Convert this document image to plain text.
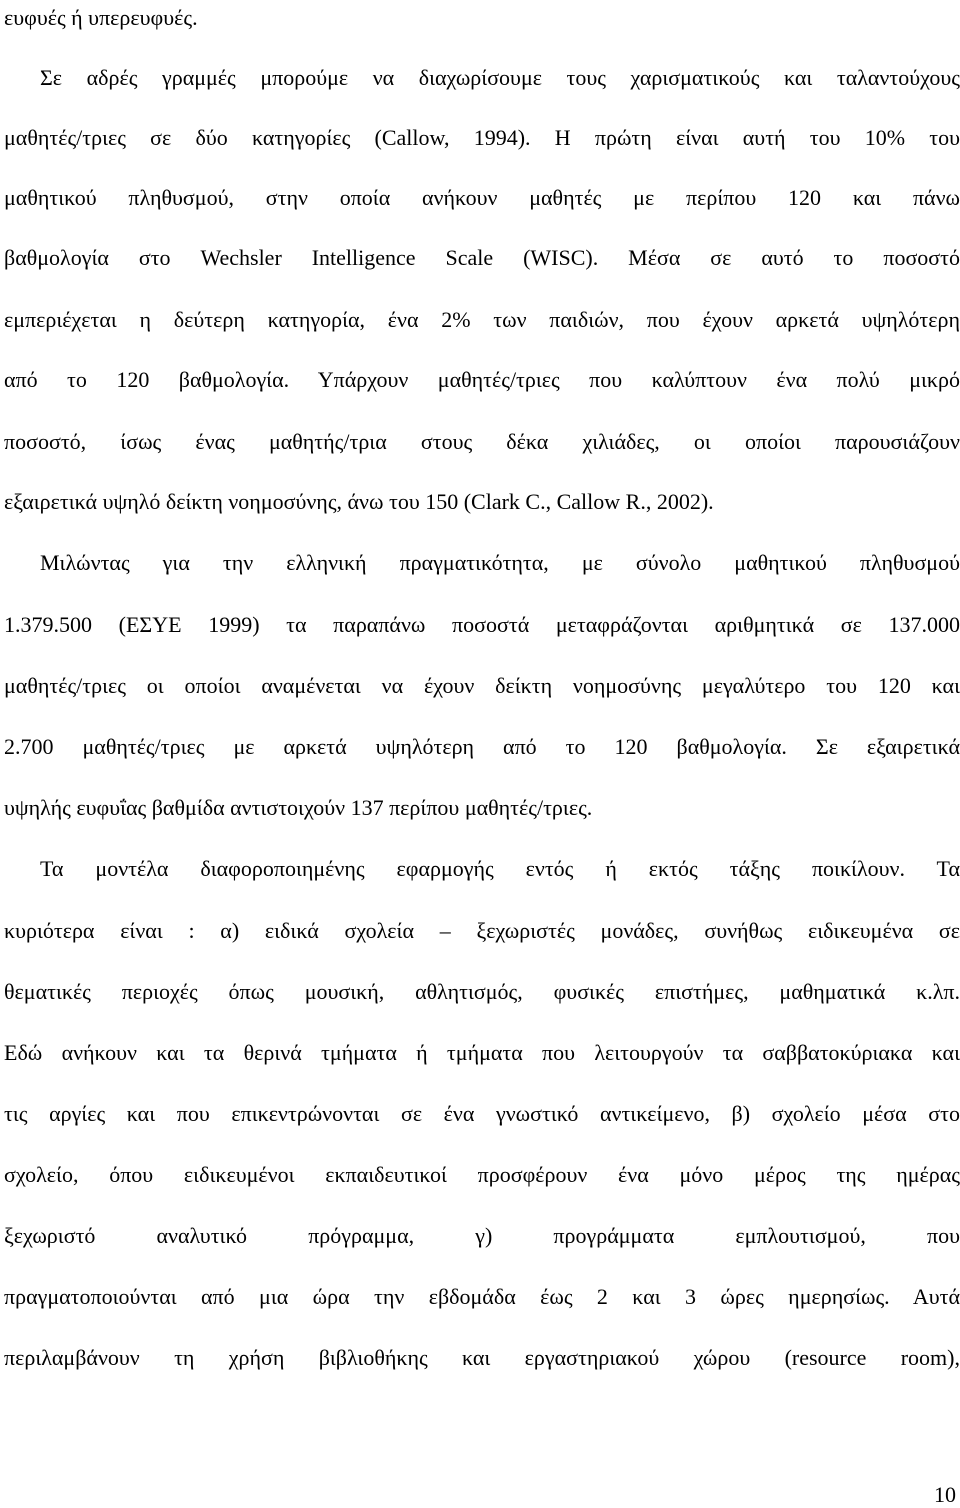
ευφυές ή υπερευφυές.
Σε αδρές γραμμές μπορούμε να διαχωρίσουμε τους χαρισματικούς και ταλαντούχους
μαθητές/τριες σε δύο κατηγορίες (Callow, 1994). Η πρώτη είναι αυτή του 10% του
μαθητικού πληθυσμού, στην οποία ανήκουν μαθητές με περίπου 120 και πάνω
βαθμολογία στο Wechsler Intelligence Scale (WISC). Μέσα σε αυτό το ποσοστό
εμπεριέχεται η δεύτερη κατηγορία, ένα 2% των παιδιών, που έχουν αρκετά υψηλότερη
από το 120 βαθμολογία. Υπάρχουν μαθητές/τριες που καλύπτουν ένα πολύ μικρό
ποσοστό, ίσως ένας μαθητής/τρια στους δέκα χιλιάδες, οι οποίοι παρουσιάζουν
εξαιρετικά υψηλό δείκτη νοημοσύνης, άνω του 150 (Clark C., Callow R., 2002).
Μιλώντας για την ελληνική πραγματικότητα, με σύνολο μαθητικού πληθυσμού
1.379.500 (ΕΣΥΕ 1999) τα παραπάνω ποσοστά μεταφράζονται αριθμητικά σε 137.000
μαθητές/τριες οι οποίοι αναμένεται να έχουν δείκτη νοημοσύνης μεγαλύτερο του 120 και
2.700 μαθητές/τριες με αρκετά υψηλότερη από το 120 βαθμολογία. Σε εξαιρετικά
υψηλής ευφυΐας βαθμίδα αντιστοιχούν 137 περίπου μαθητές/τριες.
Τα μοντέλα διαφοροποιημένης εφαρμογής εντός ή εκτός τάξης ποικίλουν. Τα
κυριότερα είναι : α) ειδικά σχολεία – ξεχωριστές μονάδες, συνήθως ειδικευμένα σε
θεματικές περιοχές όπως μουσική, αθλητισμός, φυσικές επιστήμες, μαθηματικά κ.λπ.
Εδώ ανήκουν και τα θερινά τμήματα ή τμήματα που λειτουργούν τα σαββατοκύριακα και
τις αργίες και που επικεντρώνονται σε ένα γνωστικό αντικείμενο, β) σχολείο μέσα στο
σχολείο, όπου ειδικευμένοι εκπαιδευτικοί προσφέρουν ένα μόνο μέρος της ημέρας
ξεχωριστό αναλυτικό πρόγραμμα, γ) προγράμματα εμπλουτισμού, που
πραγματοποιούνται από μια ώρα την εβδομάδα έως 2 και 3 ώρες ημερησίως. Αυτά
περιλαμβάνουν τη χρήση βιβλιοθήκης και εργαστηριακού χώρου (resource room),
10
